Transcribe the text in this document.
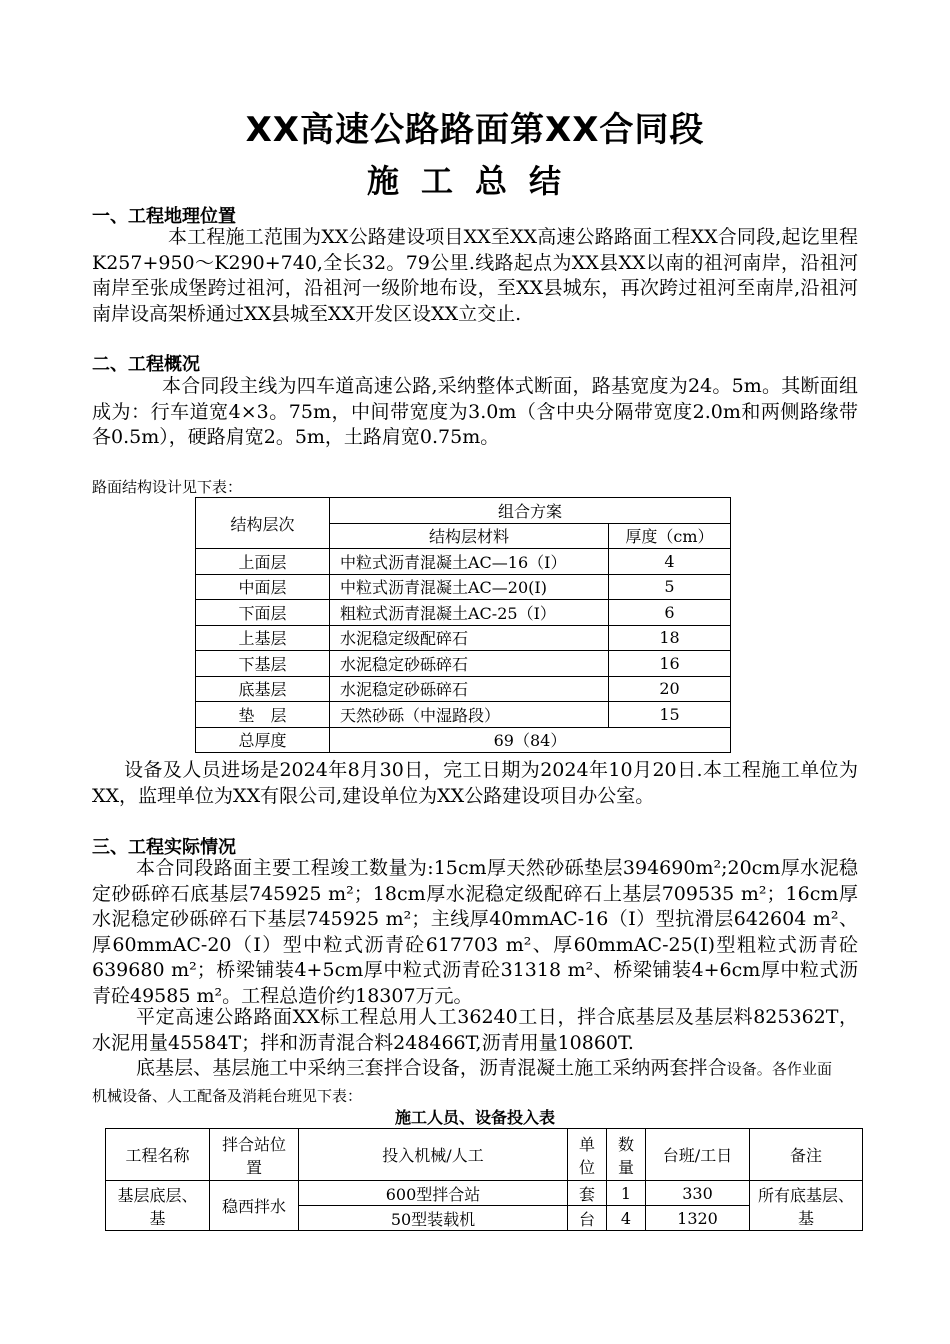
XX高速公路路面第XX合同段
施工总结
一、工程地理位置
本工程施工范围为XX公路建设项目XX至XX高速公路路面工程XX合同段,起讫里程K257+950～K290+740,全长32。79公里.线路起点为XX县XX以南的祖河南岸，沿祖河南岸至张成堡跨过祖河，沿祖河一级阶地布设，至XX县城东，再次跨过祖河至南岸,沿祖河南岸设高架桥通过XX县城至XX开发区设XX立交止.
二、工程概况
本合同段主线为四车道高速公路,采纳整体式断面，路基宽度为24。5m。其断面组成为：行车道宽4×3。75m，中间带宽度为3.0m（含中央分隔带宽度2.0m和两侧路缘带各0.5m），硬路肩宽2。5m，土路肩宽0.75m。
路面结构设计见下表：
结构层次	组合方案	
	结构层材料	厚度（cm）
上面层	中粒式沥青混凝土AC—16（I）	4
中面层	中粒式沥青混凝土AC—20(I)	5
下面层	粗粒式沥青混凝土AC-25（I）	6
上基层	水泥稳定级配碎石	18
下基层	水泥稳定砂砾碎石	16
底基层	水泥稳定砂砾碎石	20
垫　层	天然砂砾（中湿路段）	15
总厚度	69（84）	
设备及人员进场是2024年8月30日，完工日期为2024年10月20日.本工程施工单位为XX，监理单位为XX有限公司,建设单位为XX公路建设项目办公室。
三、工程实际情况
本合同段路面主要工程竣工数量为:15cm厚天然砂砾垫层394690m²;20cm厚水泥稳定砂砾碎石底基层745925 m²；18cm厚水泥稳定级配碎石上基层709535 m²；16cm厚水泥稳定砂砾碎石下基层745925 m²；主线厚40mmAC-16（I）型抗滑层642604 m²、厚60mmAC-20（I）型中粒式沥青砼617703 m²、厚60mmAC-25(I)型粗粒式沥青砼639680 m²；桥梁铺装4+5cm厚中粒式沥青砼31318 m²、桥梁铺装4+6cm厚中粒式沥青砼49585 m²。工程总造价约18307万元。
平定高速公路路面XX标工程总用人工36240工日，拌合底基层及基层料825362T，水泥用量45584T；拌和沥青混合料248466T,沥青用量10860T.
底基层、基层施工中采纳三套拌合设备，沥青混凝土施工采纳两套拌合设备。各作业面机械设备、人工配备及消耗台班见下表：
施工人员、设备投入表
工程名称	拌合站位　置	投入机械/人工	单位	数量	台班/工日	备注
基层底层、基	稳西拌水	600型拌合站	套	1	330	所有底基层、基
		50型装载机	台	4	1320	
